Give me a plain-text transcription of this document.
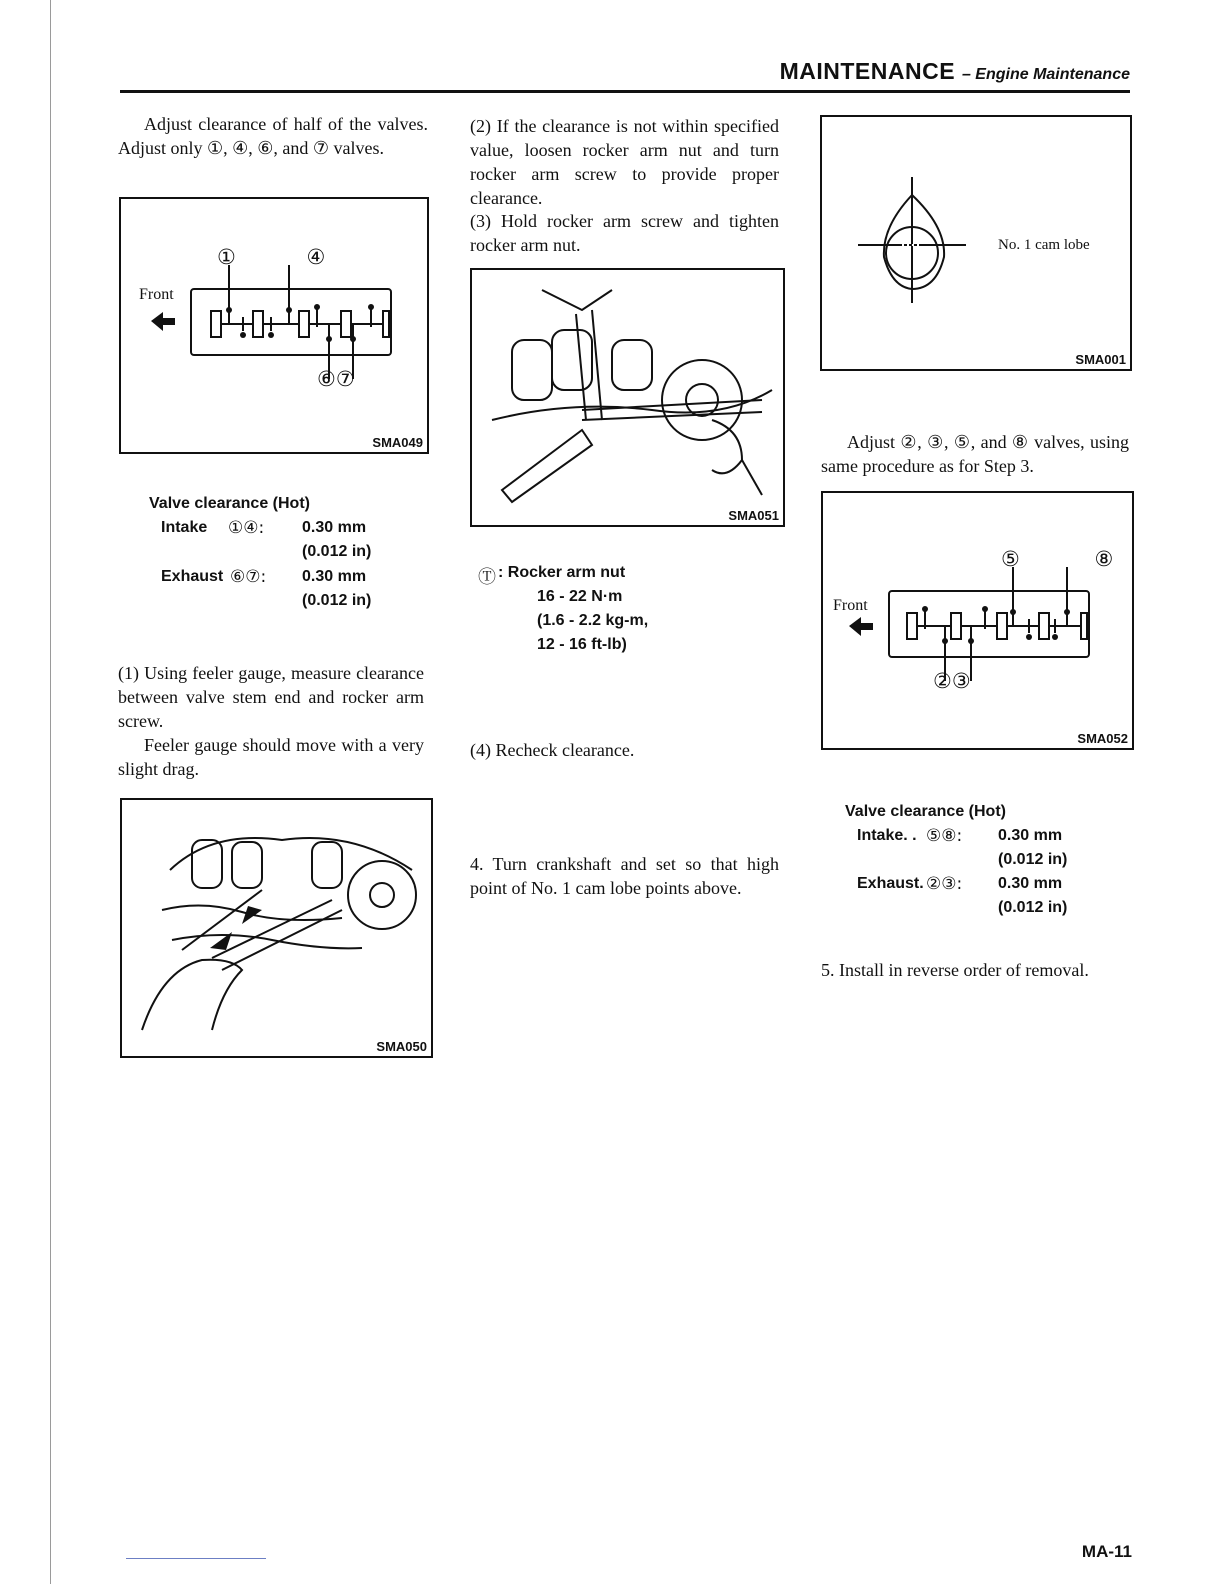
MAINTENANCE – Engine Maintenance
Adjust clearance of half of the valves. Adjust only ①, ④, ⑥, and ⑦ valves.
Front
① ④
⑥⑦
SMA049
Valve clearance (Hot)
Intake ①④: 0.30 mm
(0.012 in)
Exhaust ⑥⑦: 0.30 mm
(0.012 in)
(1) Using feeler gauge, measure clearance between valve stem end and rocker arm screw.
Feeler gauge should move with a very slight drag.
SMA050
(2) If the clearance is not within specified value, loosen rocker arm nut and turn rocker arm screw to provide proper clearance.
(3) Hold rocker arm screw and tighten rocker arm nut.
SMA051
Ⓣ : Rocker arm nut
16 - 22 N·m
(1.6 - 2.2 kg-m,
12 - 16 ft-lb)
(4) Recheck clearance.
4. Turn crankshaft and set so that high point of No. 1 cam lobe points above.
No. 1 cam lobe
SMA001
Adjust ②, ③, ⑤, and ⑧ valves, using same procedure as for Step 3.
Front
⑤ ⑧
②③
SMA052
Valve clearance (Hot)
Intake. . ⑤⑧: 0.30 mm
(0.012 in)
Exhaust. ②③: 0.30 mm
(0.012 in)
5. Install in reverse order of removal.
MA-11
